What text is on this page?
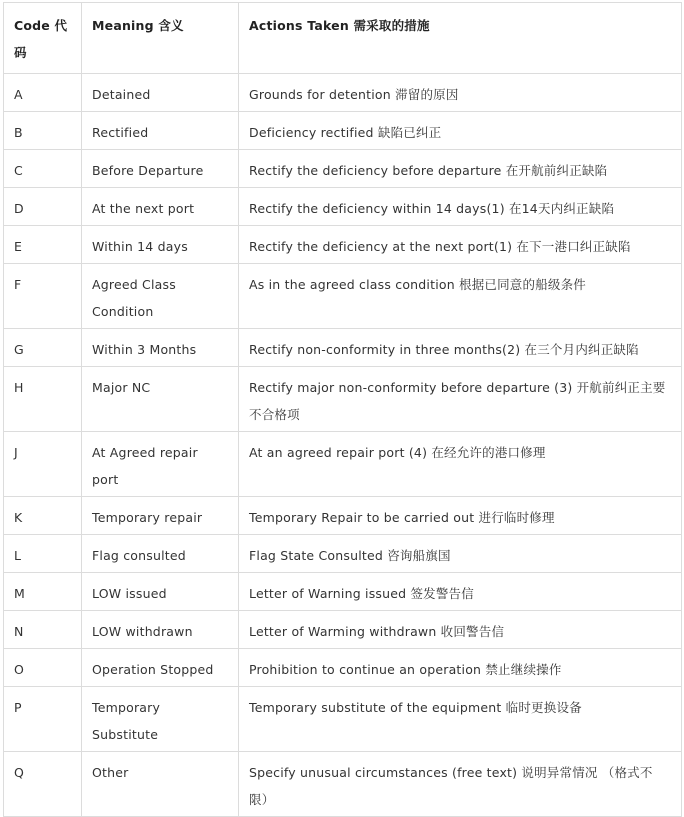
Code 代码	Meaning 含义	Actions Taken 需采取的措施
A	Detained	Grounds for detention 滞留的原因
B	Rectified	Deficiency rectified 缺陷已纠正
C	Before Departure	Rectify the deficiency before departure 在开航前纠正缺陷
D	At the next port	Rectify the deficiency within 14 days(1) 在14天内纠正缺陷
E	Within 14 days	Rectify the deficiency at the next port(1) 在下一港口纠正缺陷
F	Agreed Class Condition	As in the agreed class condition 根据已同意的船级条件
G	Within 3 Months	Rectify non-conformity in three months(2) 在三个月内纠正缺陷
H	Major NC	Rectify major non-conformity before departure (3) 开航前纠正主要不合格项
J	At Agreed repair port	At an agreed repair port (4) 在经允许的港口修理
K	Temporary repair	Temporary Repair to be carried out 进行临时修理
L	Flag consulted	Flag State Consulted 咨询船旗国
M	LOW issued	Letter of Warning issued 签发警告信
N	LOW withdrawn	Letter of Warming withdrawn 收回警告信
O	Operation Stopped	Prohibition to continue an operation 禁止继续操作
P	Temporary Substitute	Temporary substitute of the equipment 临时更换设备
Q	Other	Specify unusual circumstances (free text) 说明异常情况 （格式不限）
